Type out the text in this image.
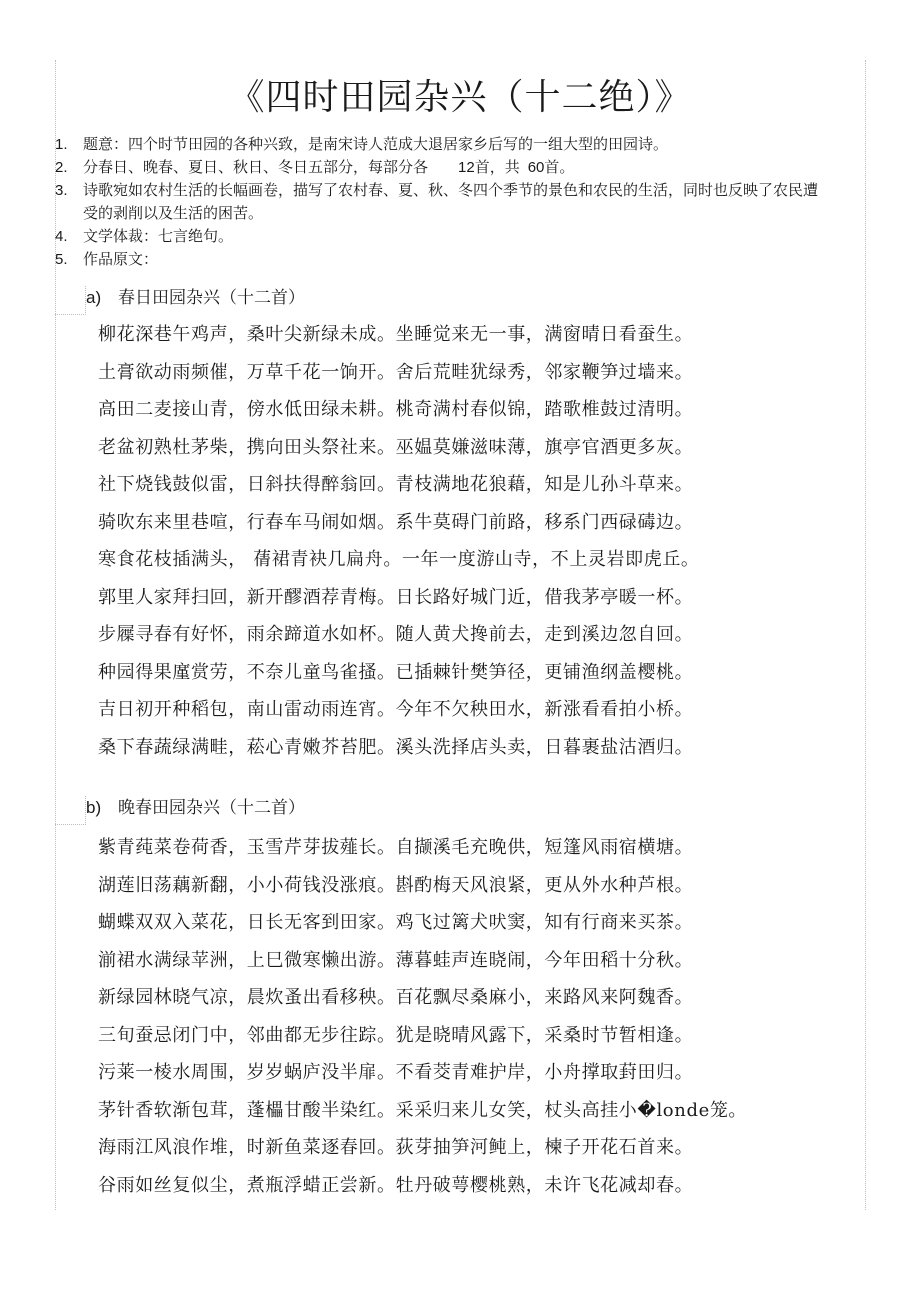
《四时田园杂兴（十二绝）》
1 . 题意：四个时节田园的各种兴致，是南宋诗人范成大退居家乡后写的一组大型的田园诗。
2 . 分春日、晚春、夏日、秋日、冬日五部分，每部分各 12首，共 60首。
3 . 诗歌宛如农村生活的长幅画卷，描写了农村春、夏、秋、冬四个季节的景色和农民的生活，同时也反映了农民遭受的剥削以及生活的困苦。
4 . 文学体裁：七言绝句。
5 . 作品原文：
a) 春日田园杂兴（十二首）
柳花深巷午鸡声，桑叶尖新绿未成。坐睡觉来无一事，满窗晴日看蚕生。
土膏欲动雨频催，万草千花一饷开。舍后荒畦犹绿秀，邻家鞭笋过墙来。
高田二麦接山青，傍水低田绿未耕。桃奇满村春似锦，踏歌椎鼓过清明。
老盆初熟杜茅柴，携向田头祭社来。巫媪莫嫌滋味薄，旗亭官酒更多灰。
社下烧钱鼓似雷，日斜扶得醉翁回。青枝满地花狼藉，知是儿孙斗草来。
骑吹东来里巷喧，行春车马闹如烟。系牛莫碍门前路，移系门西碌碡边。
寒食花枝插满头， 蒨裙青袂几扁舟。一年一度游山寺，不上灵岩即虎丘。
郭里人家拜扫回，新开醪酒荐青梅。日长路好城门近，借我茅亭暖一杯。
步屧寻春有好怀，雨余蹄道水如杯。随人黄犬搀前去，走到溪边忽自回。
种园得果廑赏劳，不奈儿童鸟雀搔。已插棘针樊笋径，更铺渔纲盖樱桃。
吉日初开种稻包，南山雷动雨连宵。今年不欠秧田水，新涨看看拍小桥。
桑下春蔬绿满畦，菘心青嫩芥苔肥。溪头洗择店头卖，日暮裹盐沽酒归。
b) 晚春田园杂兴（十二首）
紫青莼菜卷荷香，玉雪芹芽拔薤长。自撷溪毛充晚供，短篷风雨宿横塘。
湖莲旧荡藕新翻，小小荷钱没涨痕。斟酌梅天风浪紧，更从外水种芦根。
蝴蝶双双入菜花，日长无客到田家。鸡飞过篱犬吠窦，知有行商来买茶。
湔裙水满绿苹洲，上巳微寒懒出游。薄暮蛙声连晓闹，今年田稻十分秋。
新绿园林晓气凉，晨炊蚤出看移秧。百花飘尽桑麻小，来路风来阿魏香。
三旬蚕忌闭门中，邻曲都无步往踪。犹是晓晴风露下，采桑时节暂相逢。
污莱一棱水周围，岁岁蜗庐没半扉。不看茭青难护岸，小舟撑取葑田归。
茅针香软渐包茸，蓬櫑甘酸半染红。采采归来儿女笑，杖头高挂小�londe笼。
海雨江风浪作堆，时新鱼菜逐春回。荻芽抽笋河鲀上，楝子开花石首来。
谷雨如丝复似尘，煮瓶浮蜡正尝新。牡丹破萼樱桃熟，未许飞花减却春。
